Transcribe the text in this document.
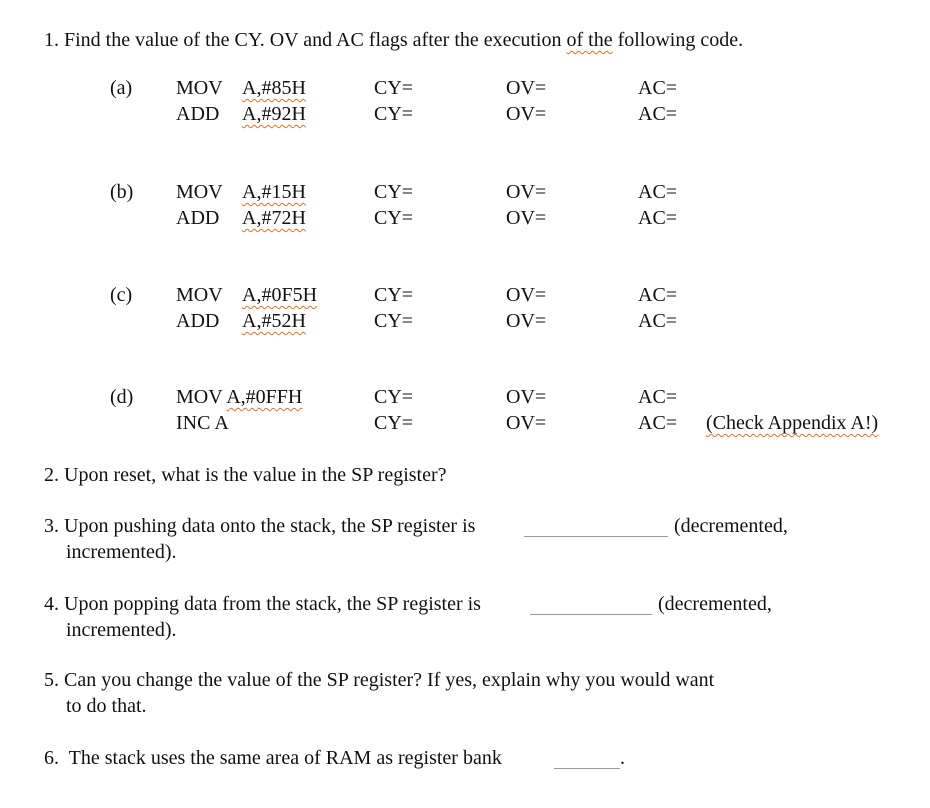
1. Find the value of the CY. OV and AC flags after the execution of the following code.
(a) MOV A,#85H	CY=	OV=	AC=
ADD A,#92H	CY=	OV=	AC=
(b) MOV A,#15H	CY=	OV=	AC=
ADD A,#72H	CY=	OV=	AC=
(c) MOV A,#0F5H	CY=	OV=	AC=
ADD A,#52H	CY=	OV=	AC=
(d) MOV A,#0FFH	CY=	OV=	AC=
INC A	CY=	OV=	AC= (Check Appendix A!)
2. Upon reset, what is the value in the SP register?
3. Upon pushing data onto the stack, the SP register is	(decremented,
incremented).
4. Upon popping data from the stack, the SP register is	(decremented,
incremented).
5. Can you change the value of the SP register? If yes, explain why you would want
to do that.
6. The stack uses the same area of RAM as register bank	.
